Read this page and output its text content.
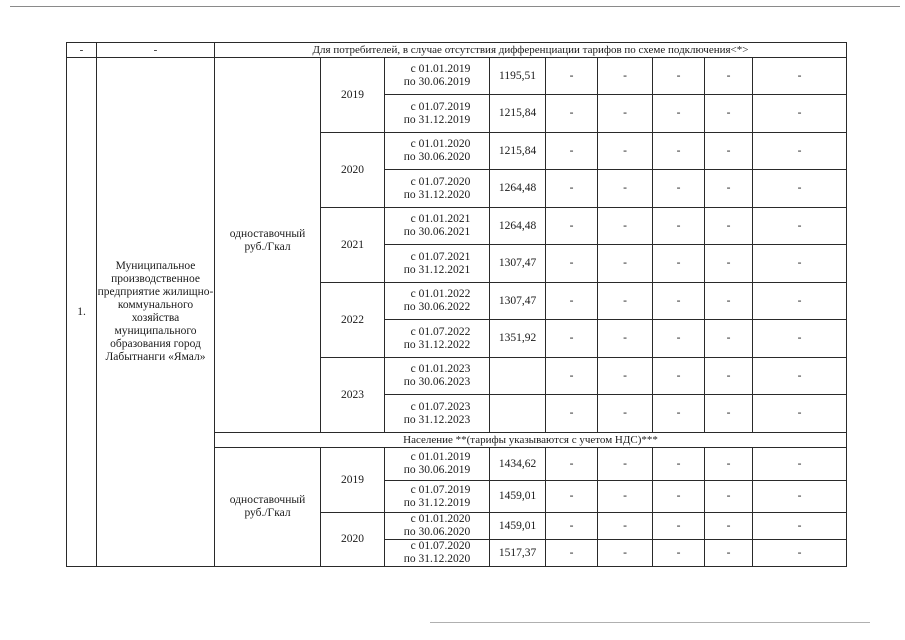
-	-	Для потребителей, в случае отсутствия дифференциации тарифов по схеме подключения<*>									
1.	Муниципальное производственное предприятие жилищно-коммунального хозяйства муниципального образования город Лабытнанги «Ямал»	одноставочный
руб./Гкал	2019	с 01.01.2019
по 30.06.2019	1195,51	-	-	-	-	-	

				с 01.07.2019
по 31.12.2019	1215,84	-	-	-	-	-	
			2020	с 01.01.2020
по 30.06.2020	1215,84	-	-	-	-	-	

				с 01.07.2020
по 31.12.2020	1264,48	-	-	-	-	-	
			2021	с 01.01.2021
по 30.06.2021	1264,48	-	-	-	-	-	

				с 01.07.2021
по 31.12.2021	1307,47	-	-	-	-	-	
			2022	с 01.01.2022
по 30.06.2022	1307,47	-	-	-	-	-	

				с 01.07.2022
по 31.12.2022	1351,92	-	-	-	-	-	
			2023	с 01.01.2023
по 30.06.2023		-	-	-	-	-	

				с 01.07.2023
по 31.12.2023		-	-	-	-	-	
		Население **(тарифы указываются с учетом НДС)***									

		одноставочный
руб./Гкал	2019	с 01.01.2019
по 30.06.2019	1434,62	-	-	-	-	-	

				с 01.07.2019
по 31.12.2019	1459,01	-	-	-	-	-	
			2020	с 01.01.2020
по 30.06.2020	1459,01	-	-	-	-	-	

				с 01.07.2020
по 31.12.2020	1517,37	-	-	-	-	-	
